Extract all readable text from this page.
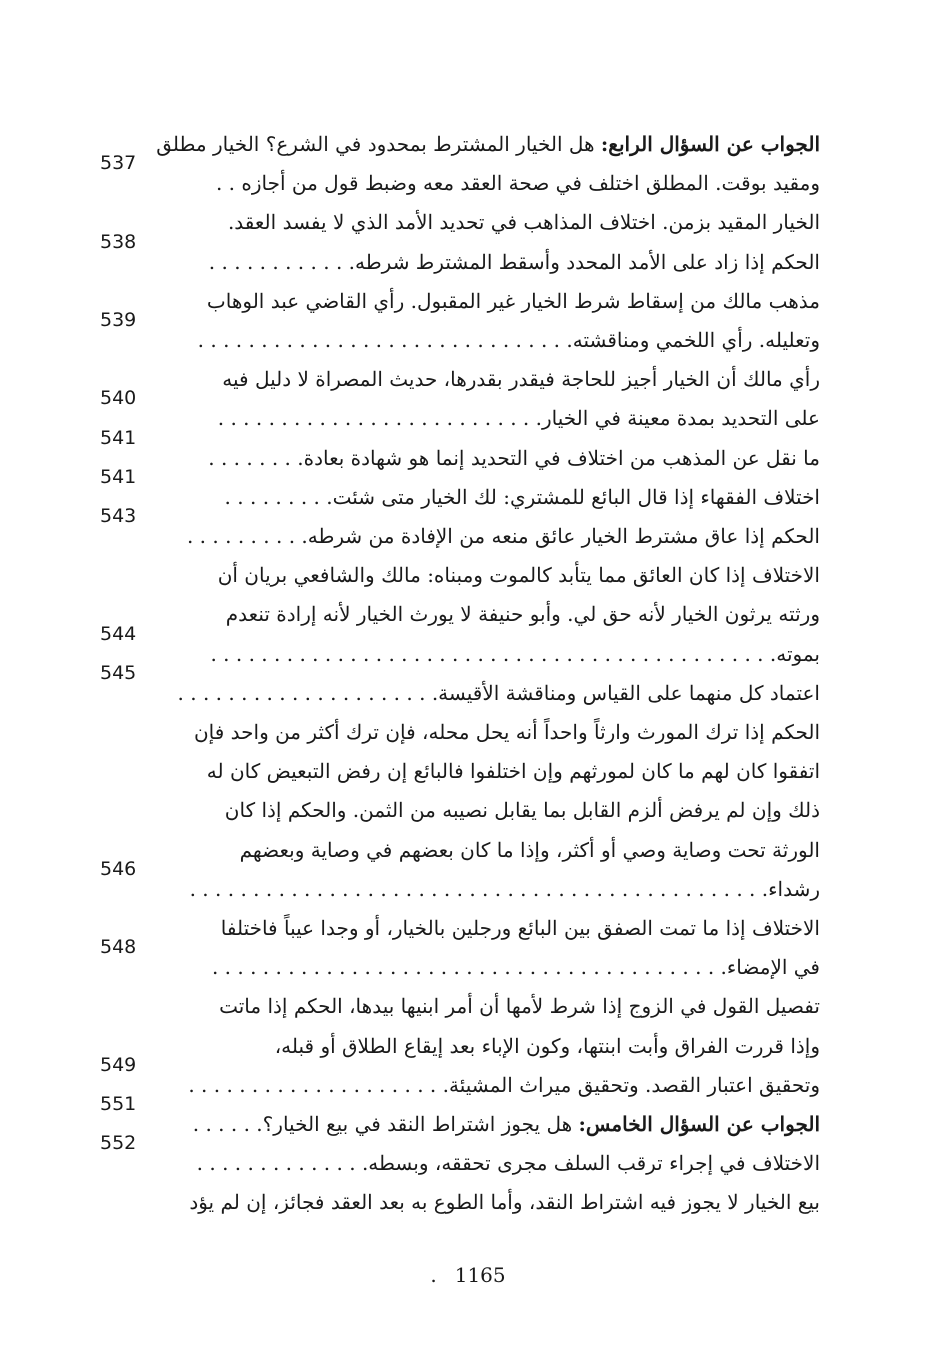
الجواب عن السؤال الرابع: هل الخيار المشترط بمحدود في الشرع؟ الخيار مطلق
ومقيد بوقت. المطلق اختلف في صحة العقد معه وضبط قول من أجازه . .
537
الخيار المقيد بزمن. اختلاف المذاهب في تحديد الأمد الذي لا يفسد العقد.
الحكم إذا زاد على الأمد المحدد وأسقط المشترط شرطه. . . . . . . . . . . .
538
مذهب مالك من إسقاط شرط الخيار غير المقبول. رأي القاضي عبد الوهاب
وتعليله. رأي اللخمي ومناقشته. . . . . . . . . . . . . . . . . . . . . . . . . . . . . .
539
رأي مالك أن الخيار أجيز للحاجة فيقدر بقدرها، حديث المصراة لا دليل فيه
على التحديد بمدة معينة في الخيار. . . . . . . . . . . . . . . . . . . . . . . . . .
540
ما نقل عن المذهب من اختلاف في التحديد إنما هو شهادة بعادة. . . . . . . .
541
اختلاف الفقهاء إذا قال البائع للمشتري: لك الخيار متى شئت. . . . . . . . .
541
الحكم إذا عاق مشترط الخيار عائق منعه من الإفادة من شرطه. . . . . . . . . .
543
الاختلاف إذا كان العائق مما يتأبد كالموت ومبناه: مالك والشافعي بريان أن
ورثته يرثون الخيار لأنه حق لي. وأبو حنيفة لا يورث الخيار لأنه إرادة تنعدم
بموته. . . . . . . . . . . . . . . . . . . . . . . . . . . . . . . . . . . . . . . . . . . . .
544
اعتماد كل منهما على القياس ومناقشة الأقيسة. . . . . . . . . . . . . . . . . . . . .
545
الحكم إذا ترك المورث وارثاً واحداً أنه يحل محله، فإن ترك أكثر من واحد فإن
اتفقوا كان لهم ما كان لمورثهم وإن اختلفوا فالبائع إن رفض التبعيض كان له
ذلك وإن لم يرفض ألزم القابل بما يقابل نصيبه من الثمن. والحكم إذا كان
الورثة تحت وصاية وصي أو أكثر، وإذا ما كان بعضهم في وصاية وبعضهم
رشداء. . . . . . . . . . . . . . . . . . . . . . . . . . . . . . . . . . . . . . . . . . . . . .
546
الاختلاف إذا ما تمت الصفق بين البائع ورجلين بالخيار، أو وجدا عيباً فاختلفا
في الإمضاء. . . . . . . . . . . . . . . . . . . . . . . . . . . . . . . . . . . . . . . . .
548
تفصيل القول في الزوج إذا شرط لأمها أن أمر ابنيها بيدها، الحكم إذا ماتت
وإذا قررت الفراق وأبت ابنتها، وكون الإباء بعد إيقاع الطلاق أو قبله،
وتحقيق اعتبار القصد. وتحقيق ميراث المشيئة. . . . . . . . . . . . . . . . . . . . .
549
الجواب عن السؤال الخامس: هل يجوز اشتراط النقد في بيع الخيار؟. . . . . .
551
الاختلاف في إجراء ترقب السلف مجرى تحققه، وبسطه. . . . . . . . . . . . . .
552
بيع الخيار لا يجوز فيه اشتراط النقد، وأما الطوع به بعد العقد فجائز، إن لم يؤد
. 1165
